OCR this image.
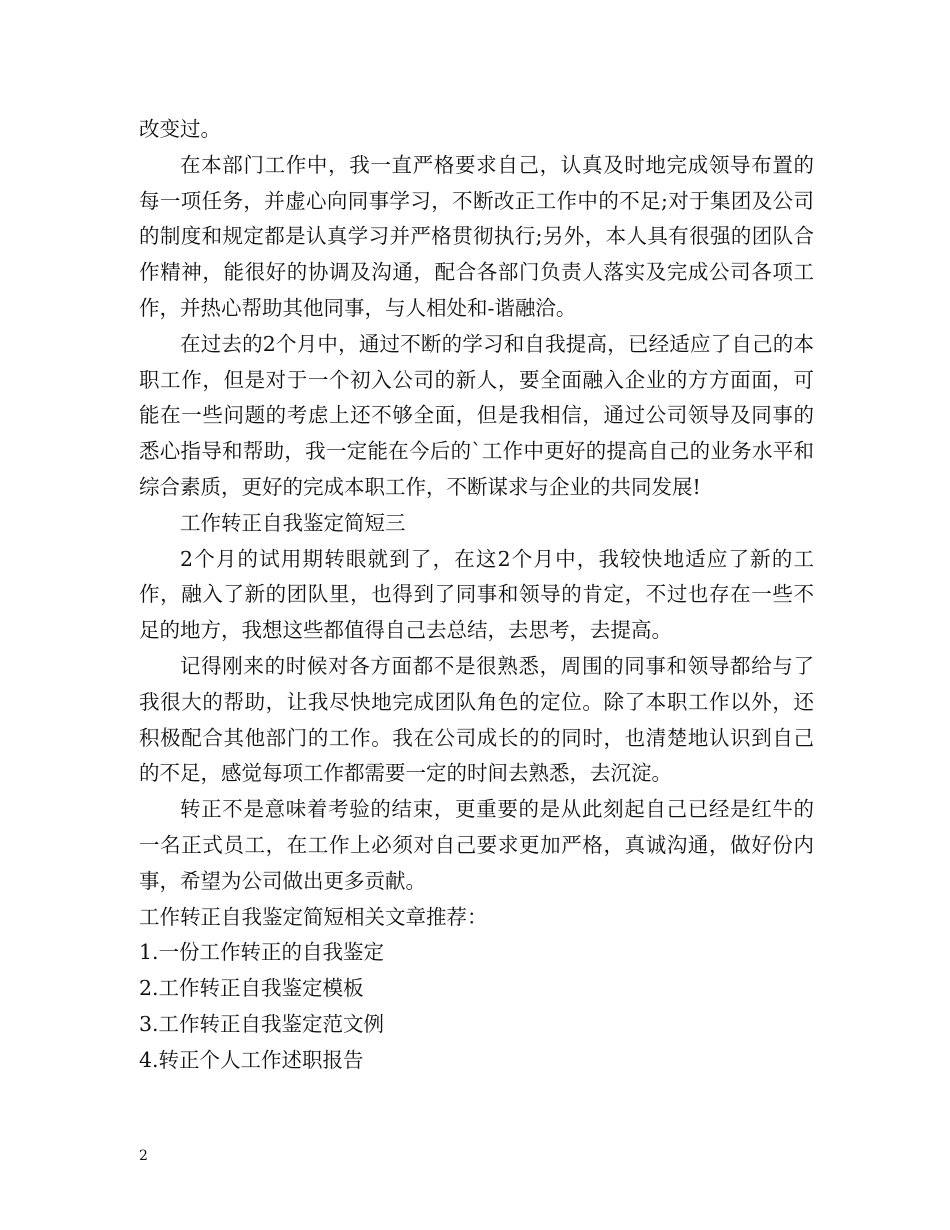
改变过。

在本部门工作中，我一直严格要求自己，认真及时地完成领导布置的每一项任务，并虚心向同事学习，不断改正工作中的不足;对于集团及公司的制度和规定都是认真学习并严格贯彻执行;另外，本人具有很强的团队合作精神，能很好的协调及沟通，配合各部门负责人落实及完成公司各项工作，并热心帮助其他同事，与人相处和-谐融洽。

在过去的2个月中，通过不断的学习和自我提高，已经适应了自己的本职工作，但是对于一个初入公司的新人，要全面融入企业的方方面面，可能在一些问题的考虑上还不够全面，但是我相信，通过公司领导及同事的悉心指导和帮助，我一定能在今后的`工作中更好的提高自己的业务水平和综合素质，更好的完成本职工作，不断谋求与企业的共同发展!

工作转正自我鉴定简短三

2个月的试用期转眼就到了，在这2个月中，我较快地适应了新的工作，融入了新的团队里，也得到了同事和领导的肯定，不过也存在一些不足的地方，我想这些都值得自己去总结，去思考，去提高。

记得刚来的时候对各方面都不是很熟悉，周围的同事和领导都给与了我很大的帮助，让我尽快地完成团队角色的定位。除了本职工作以外，还积极配合其他部门的工作。我在公司成长的的同时，也清楚地认识到自己的不足，感觉每项工作都需要一定的时间去熟悉，去沉淀。

转正不是意味着考验的结束，更重要的是从此刻起自己已经是红牛的一名正式员工，在工作上必须对自己要求更加严格，真诚沟通，做好份内事，希望为公司做出更多贡献。

工作转正自我鉴定简短相关文章推荐：

1.一份工作转正的自我鉴定

2.工作转正自我鉴定模板

3.工作转正自我鉴定范文例

4.转正个人工作述职报告

2
